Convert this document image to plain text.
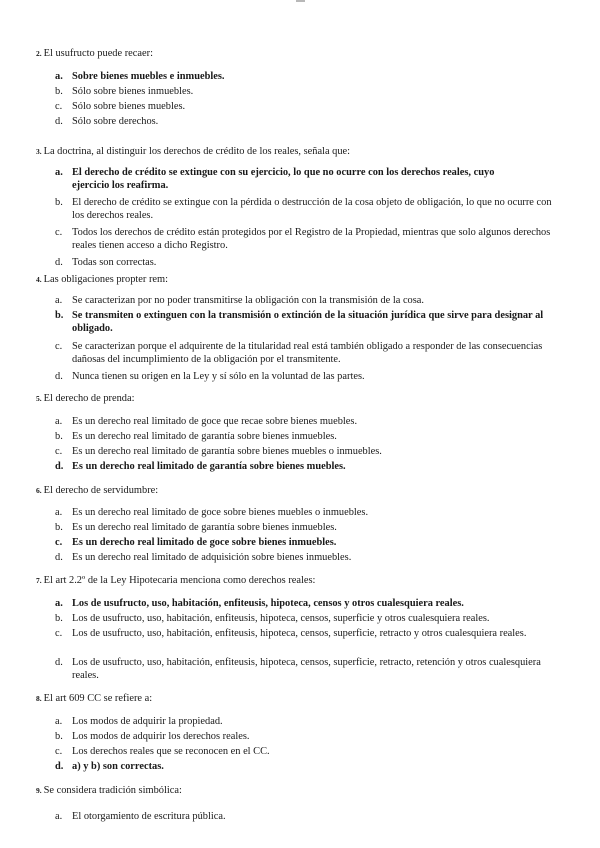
2. El usufructo puede recaer:
a. Sobre bienes muebles e inmuebles.
b. Sólo sobre bienes inmuebles.
c. Sólo sobre bienes muebles.
d. Sólo sobre derechos.
3. La doctrina, al distinguir los derechos de crédito de los reales, señala que:
a. El derecho de crédito se extingue con su ejercicio, lo que no ocurre con los derechos reales, cuyo ejercicio los reafirma.
b. El derecho de crédito se extingue con la pérdida o destrucción de la cosa objeto de obligación, lo que no ocurre con los derechos reales.
c. Todos los derechos de crédito están protegidos por el Registro de la Propiedad, mientras que solo algunos derechos reales tienen acceso a dicho Registro.
d. Todas son correctas.
4. Las obligaciones propter rem:
a. Se caracterizan por no poder transmitirse la obligación con la transmisión de la cosa.
b. Se transmiten o extinguen con la transmisión o extinción de la situación jurídica que sirve para designar al obligado.
c. Se caracterizan porque el adquirente de la titularidad real está también obligado a responder de las consecuencias dañosas del incumplimiento de la obligación por el transmitente.
d. Nunca tienen su origen en la Ley y sí sólo en la voluntad de las partes.
5. El derecho de prenda:
a. Es un derecho real limitado de goce que recae sobre bienes muebles.
b. Es un derecho real limitado de garantía sobre bienes inmuebles.
c. Es un derecho real limitado de garantía sobre bienes muebles o inmuebles.
d. Es un derecho real limitado de garantía sobre bienes muebles.
6. El derecho de servidumbre:
a. Es un derecho real limitado de goce sobre bienes muebles o inmuebles.
b. Es un derecho real limitado de garantía sobre bienes inmuebles.
c. Es un derecho real limitado de goce sobre bienes inmuebles.
d. Es un derecho real limitado de adquisición sobre bienes inmuebles.
7. El art 2.2º de la Ley Hipotecaria menciona como derechos reales:
a. Los de usufructo, uso, habitación, enfiteusis, hipoteca, censos y otros cualesquiera reales.
b. Los de usufructo, uso, habitación, enfiteusis, hipoteca, censos, superficie y otros cualesquiera reales.
c. Los de usufructo, uso, habitación, enfiteusis, hipoteca, censos, superficie, retracto y otros cualesquiera reales.
d. Los de usufructo, uso, habitación, enfiteusis, hipoteca, censos, superficie, retracto, retención y otros cualesquiera reales.
8. El art 609 CC se refiere a:
a. Los modos de adquirir la propiedad.
b. Los modos de adquirir los derechos reales.
c. Los derechos reales que se reconocen en el CC.
d. a) y b) son correctas.
9. Se considera tradición simbólica:
a. El otorgamiento de escritura pública.
